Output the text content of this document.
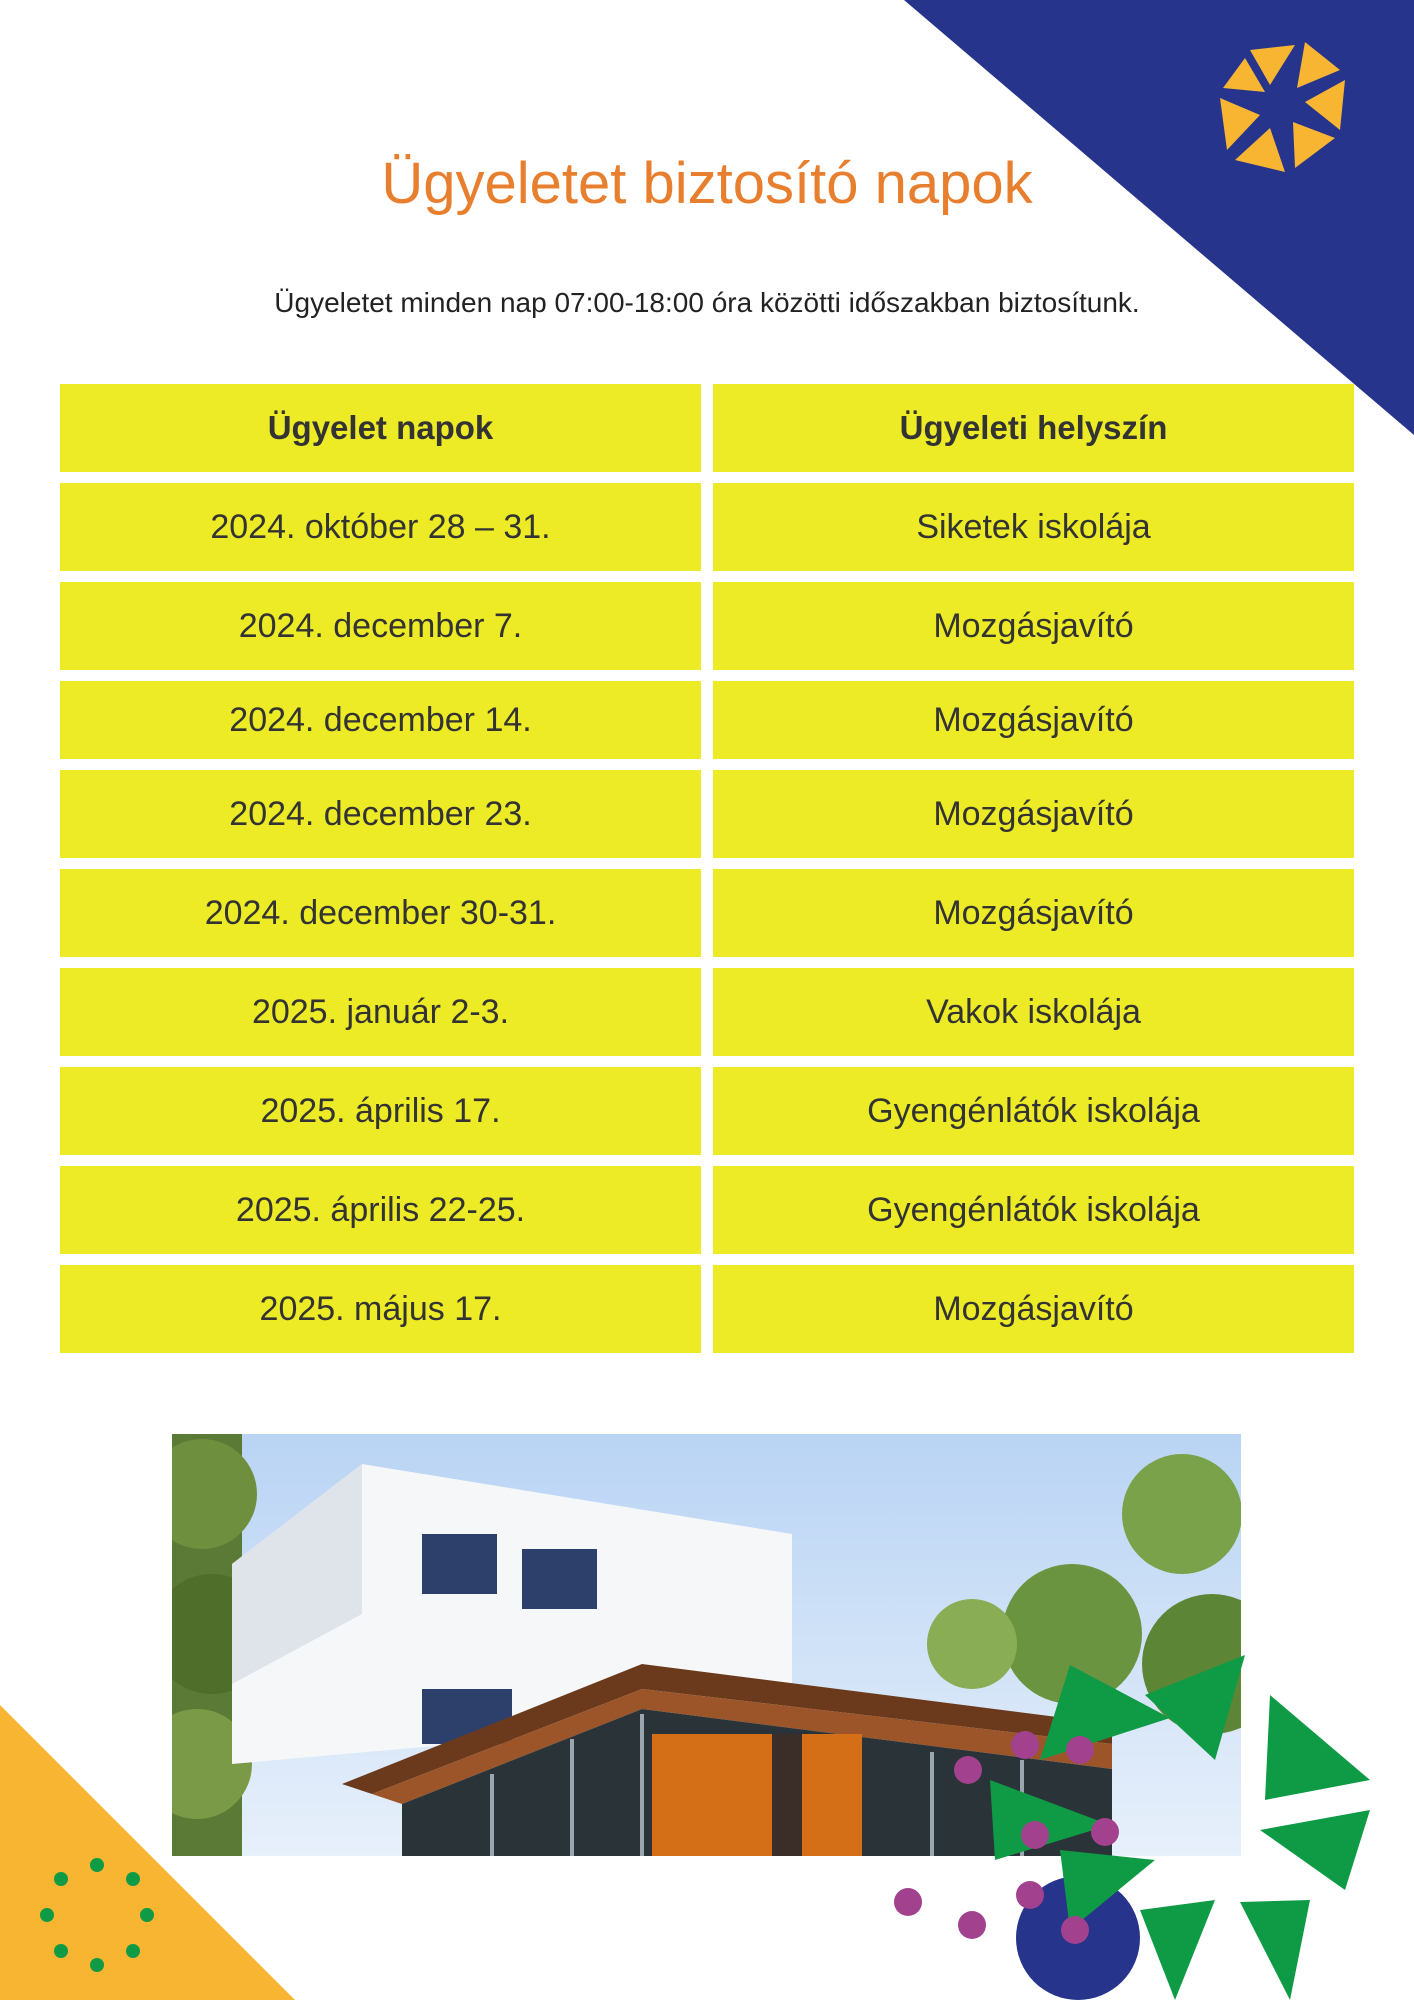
Ügyeletet biztosító napok

Ügyeletet minden nap 07:00-18:00 óra közötti időszakban biztosítunk.

Ügyelet napok	Ügyeleti helyszín
2024. október 28 – 31.	Siketek iskolája
2024. december 7.	Mozgásjavító
2024. december 14.	Mozgásjavító
2024. december 23.	Mozgásjavító
2024. december 30-31.	Mozgásjavító
2025. január 2-3.	Vakok iskolája
2025. április 17.	Gyengénlátók iskolája
2025. április 22-25.	Gyengénlátók iskolája
2025. május 17.	Mozgásjavító
